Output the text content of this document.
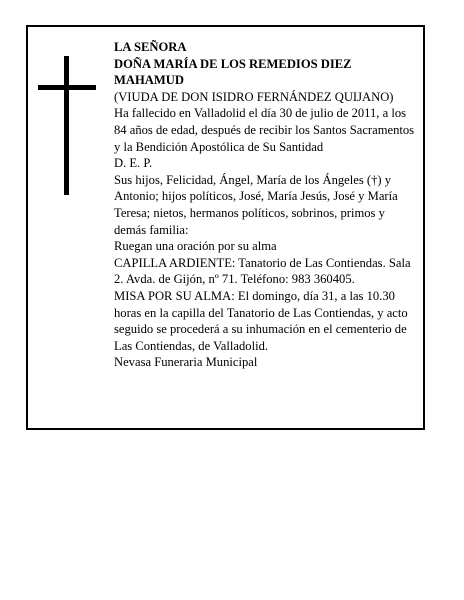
LA SEÑORA

DOÑA MARÍA DE LOS REMEDIOS DIEZ MAHAMUD

(VIUDA DE DON ISIDRO FERNÁNDEZ QUIJANO)

Ha fallecido en Valladolid el día 30 de julio de 2011, a los 84 años de edad, después de recibir los Santos Sacramentos y la Bendición Apostólica de Su Santidad

D. E. P.

Sus hijos, Felicidad, Ángel, María de los Ángeles (†) y Antonio; hijos políticos, José, María Jesús, José y María Teresa; nietos, hermanos políticos, sobrinos, primos y demás familia:

Ruegan una oración por su alma

CAPILLA ARDIENTE: Tanatorio de Las Contiendas. Sala 2. Avda. de Gijón, nº 71. Teléfono: 983 360405.

MISA POR SU ALMA: El domingo, día 31, a las 10.30 horas en la capilla del Tanatorio de Las Contiendas, y acto seguido se procederá a su inhumación en el cementerio de Las Contiendas, de Valladolid.

Nevasa Funeraria Municipal
